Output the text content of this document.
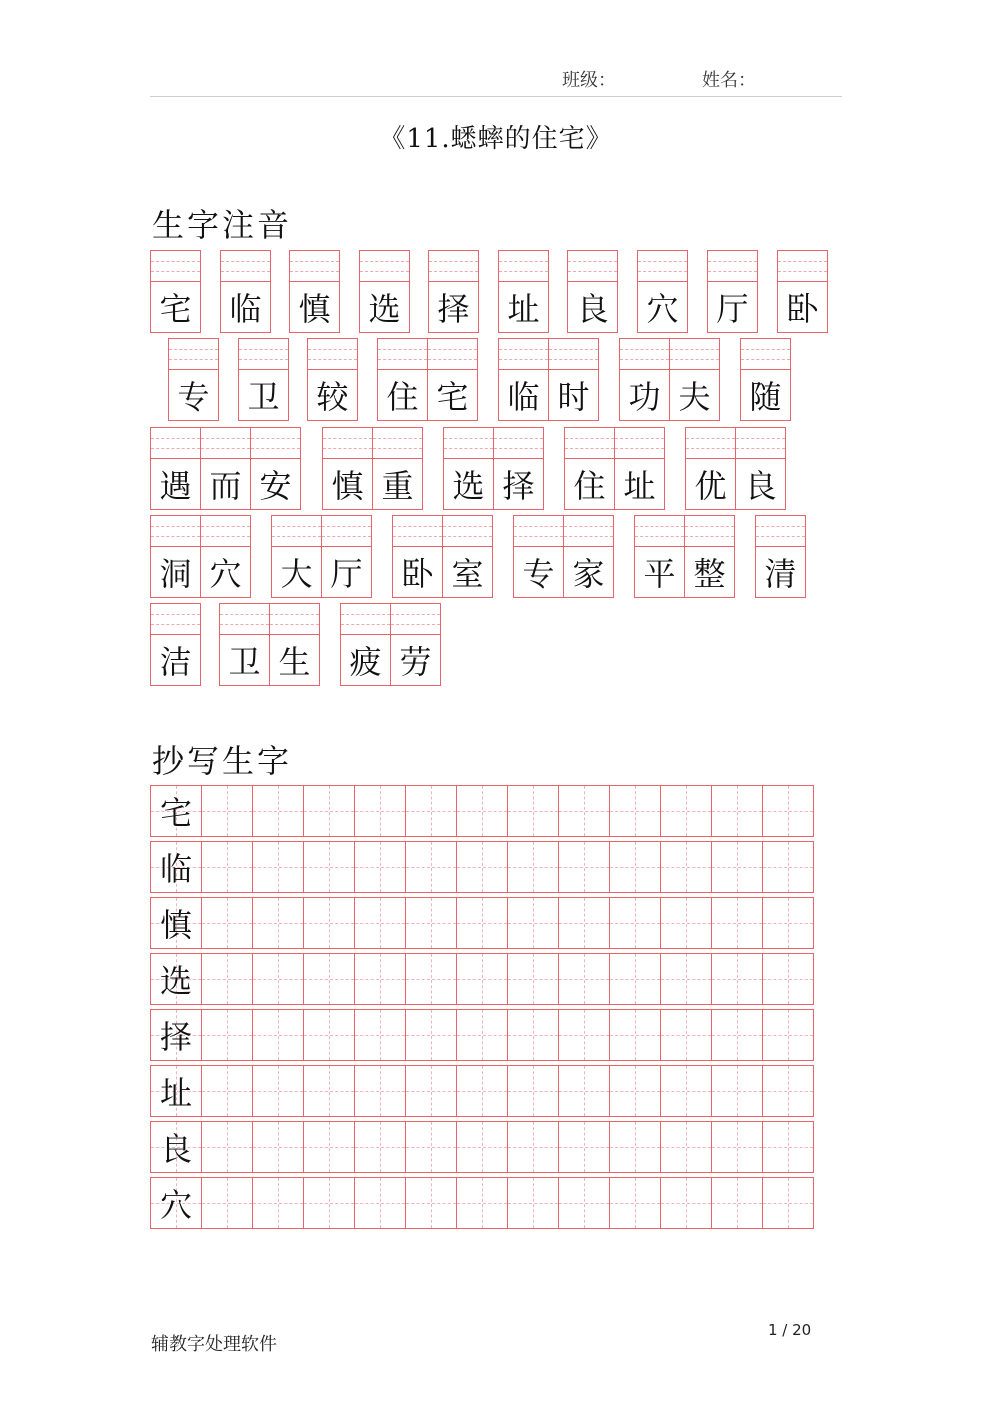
班级：	姓名：
《11.蟋蟀的住宅》
生字注音
宅 临 慎 选 择 址 良 穴 厅 卧
专 卫 较 住 宅 临 时 功 夫 随
遇 而 安 慎 重 选 择 住 址 优 良
洞 穴 大 厅 卧 室 专 家 平 整 清
洁 卫 生 疲 劳
抄写生字
宅
临
慎
选
择
址
良
穴
辅教字处理软件
1 / 20
